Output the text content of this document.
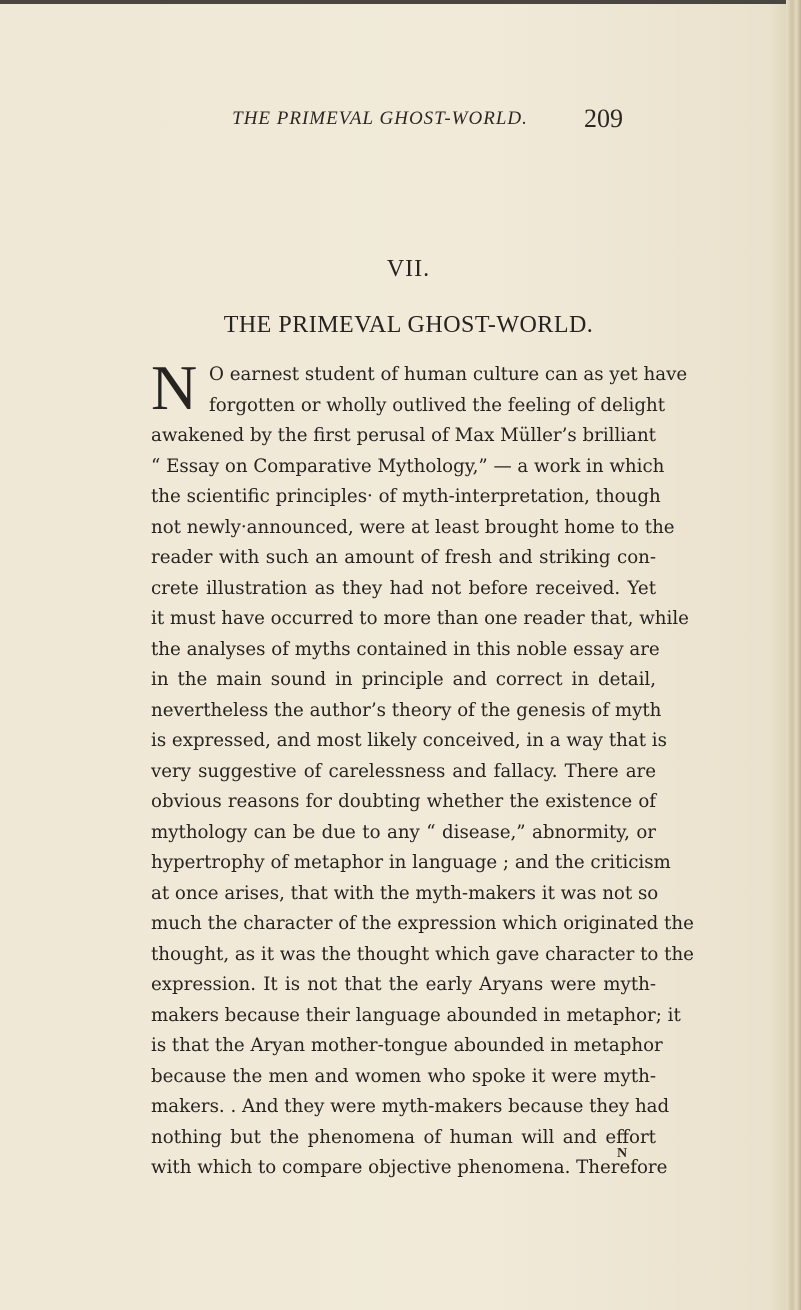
THE PRIMEVAL GHOST-WORLD.	209
VII.
THE PRIMEVAL GHOST-WORLD.
N O earnest student of human culture can as yet have
forgotten or wholly outlived the feeling of delight
awakened by the first perusal of Max Müller’s brilliant
“ Essay on Comparative Mythology,” — a work in which
the scientific principles· of myth-interpretation, though
not newly·announced, were at least brought home to the
reader with such an amount of fresh and striking con-
crete illustration as they had not before received. Yet
it must have occurred to more than one reader that, while
the analyses of myths contained in this noble essay are
in the main sound in principle and correct in detail,
nevertheless the author’s theory of the genesis of myth
is expressed, and most likely conceived, in a way that is
very suggestive of carelessness and fallacy. There are
obvious reasons for doubting whether the existence of
mythology can be due to any “ disease,” abnormity, or
hypertrophy of metaphor in language ; and the criticism
at once arises, that with the myth-makers it was not so
much the character of the expression which originated the
thought, as it was the thought which gave character to the
expression. It is not that the early Aryans were myth-
makers because their language abounded in metaphor; it
is that the Aryan mother-tongue abounded in metaphor
because the men and women who spoke it were myth-
makers. . And they were myth-makers because they had
nothing but the phenomena of human will and effort
with which to compare objective phenomena. Therefore
N
